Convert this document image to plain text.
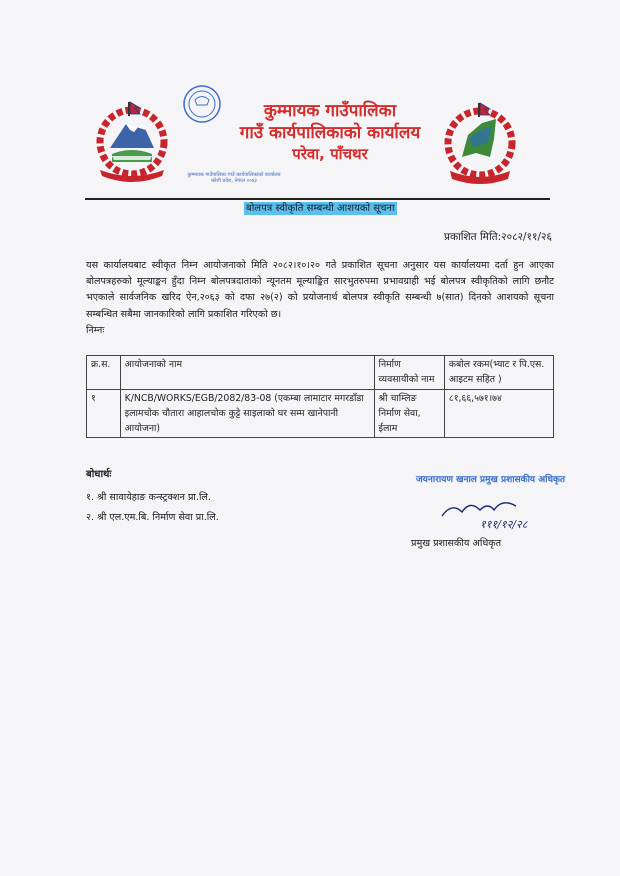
कुम्मायक गाउँपालिका गाउँ कार्यपालिकाको कार्यालय कोशी प्रदेश, नेपाल २०७३
कुम्मायक गाउँपालिका
गाउँ कार्यपालिकाको कार्यालय
परेवा, पाँचथर
बोलपत्र स्वीकृति सम्बन्धी आशयको सूचना
प्रकाशित मिति:२०८२/११/२६
यस कार्यालयबाट स्वीकृत निम्न आयोजनाको मिति २०८२।१०।२० गते प्रकाशित सूचना अनुसार यस कार्यालयमा दर्ता हुन आएका बोलपत्रहरुको मूल्याङ्कन हुँदा निम्न बोलपत्रदाताको न्यूनतम मूल्याङ्कित सारभुतरुपमा प्रभावग्राही भई बोलपत्र स्वीकृतिको लागि छनौट भएकाले सार्वजनिक खरिद ऐन,२०६३ को दफा २७(२) को प्रयोजनार्थ बोलपत्र स्वीकृति सम्बन्धी ७(सात) दिनको आशयको सूचना सम्बन्धित सबैमा जानकारिको लागि प्रकाशित गरिएको छ।
निम्नः
क्र.स.	आयोजनाको नाम	निर्माण व्यवसायीको नाम	कबोल रकम(भ्याट र पि.एस. आइटम सहित )
१	K/NCB/WORKS/EGB/2082/83-08 (एकम्बा लामाटार मगरडाँडा इलामचोक चौतारा आहालचोक कुट्टे साइलाको घर सम्म खानेपानी आयोजना)	श्री चाम्लिङ निर्माण सेवा, ईलाम	८१,६६,५७१।७४
बोधार्थः
१. श्री सावायेहाङ कन्स्ट्रक्शन प्रा.लि.
२. श्री एल.एम.बि. निर्माण सेवा प्रा.लि.
जयनारायण खनाल प्रमुख प्रशासकीय अधिकृत
१११/१२/२८
प्रमुख प्रशासकीय अधिकृत
